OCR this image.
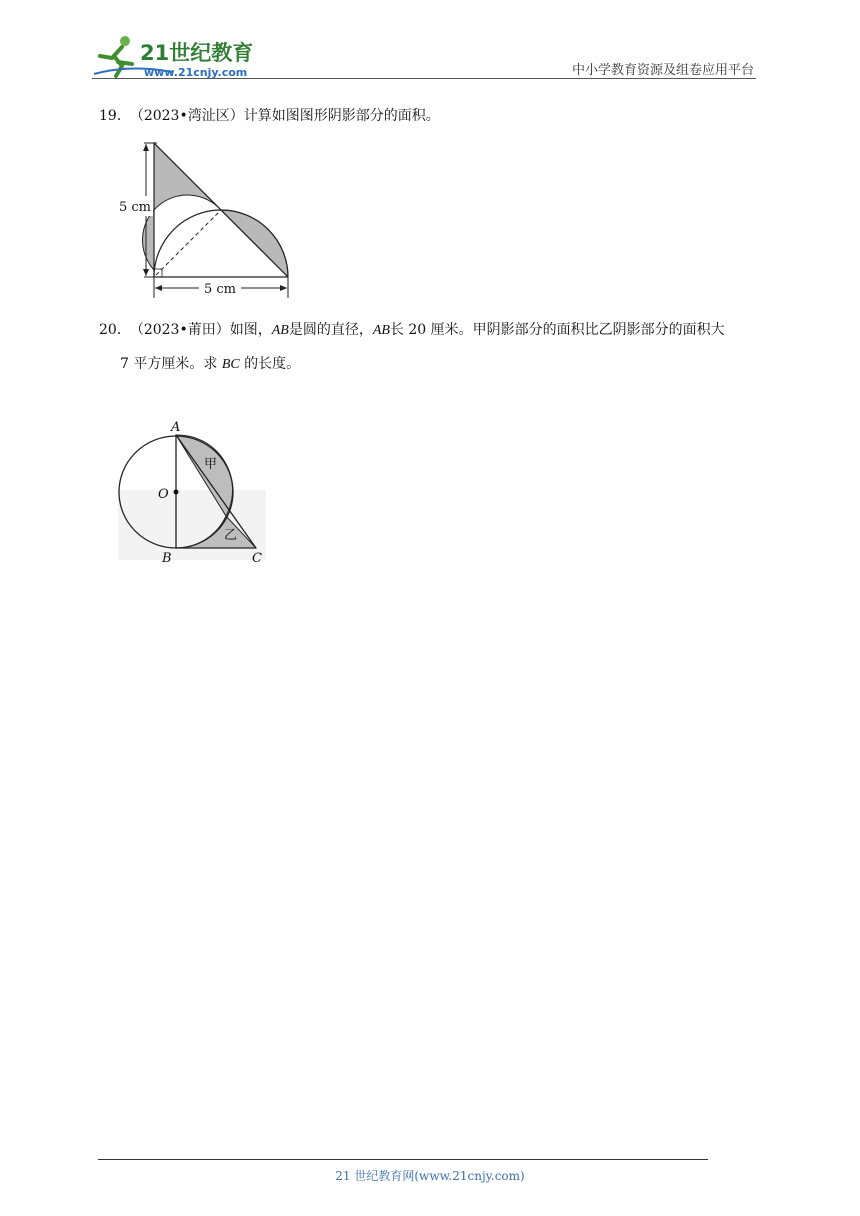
21世纪教育
www.21cnjy.com	中小学教育资源及组卷应用平台
19． （2023•湾沚区）计算如图图形阴影部分的面积。
5 cm
5 cm
20． （2023•莆田）如图，AB是圆的直径，AB长 20 厘米。甲阴影部分的面积比乙阴影部分的面积大
7 平方厘米。求 BC 的长度。
A
O
B	C
甲
乙
21 世纪教育网(www.21cnjy.com)
